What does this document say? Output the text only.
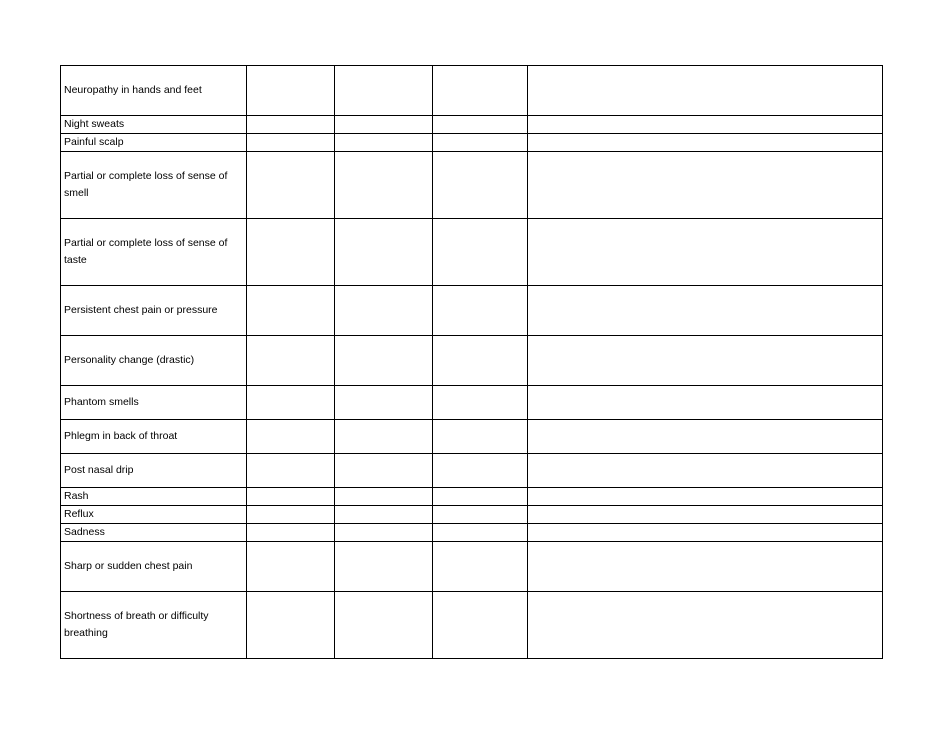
Neuropathy in hands and feet				
Night sweats				
Painful scalp				
Partial or complete loss of sense of smell				
Partial or complete loss of sense of taste				
Persistent chest pain or pressure				
Personality change (drastic)				
Phantom smells				
Phlegm in back of throat				
Post nasal drip				
Rash				
Reflux				
Sadness				
Sharp or sudden chest pain				
Shortness of breath or difficulty breathing				
